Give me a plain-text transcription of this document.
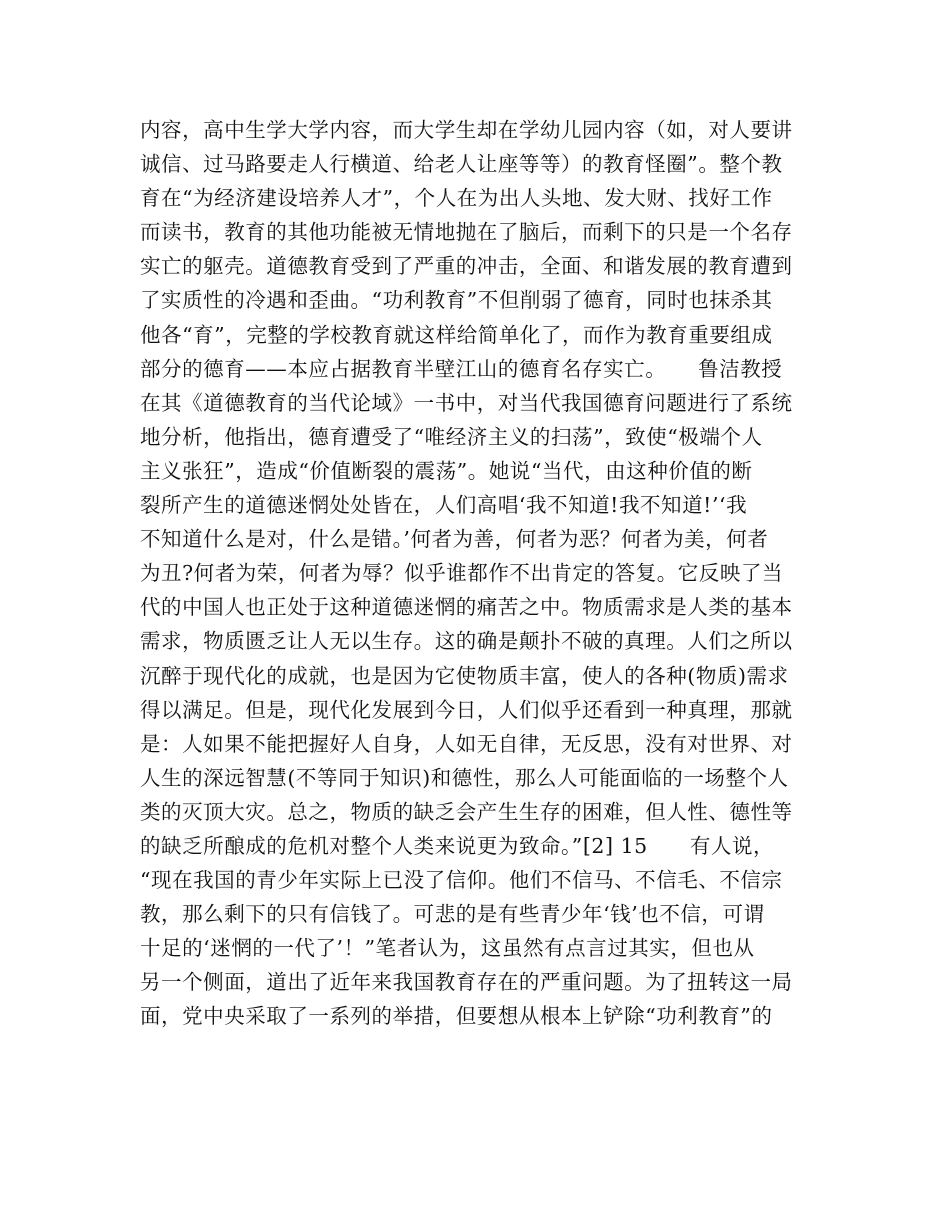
内容，高中生学大学内容，而大学生却在学幼儿园内容（如，对人要讲
诚信、过马路要走人行横道、给老人让座等等）的教育怪圈”。整个教
育在“为经济建设培养人才”，个人在为出人头地、发大财、找好工作
而读书，教育的其他功能被无情地抛在了脑后，而剩下的只是一个名存
实亡的躯壳。道德教育受到了严重的冲击，全面、和谐发展的教育遭到
了实质性的冷遇和歪曲。“功利教育”不但削弱了德育，同时也抹杀其
他各“育”，完整的学校教育就这样给简单化了，而作为教育重要组成
部分的德育——本应占据教育半壁江山的德育名存实亡。　　鲁洁教授
在其《道德教育的当代论域》一书中，对当代我国德育问题进行了系统
地分析，他指出，德育遭受了“唯经济主义的扫荡”，致使“极端个人
主义张狂”，造成“价值断裂的震荡”。她说“当代，由这种价值的断
裂所产生的道德迷惘处处皆在，人们高唱‘我不知道!我不知道!’‘我
不知道什么是对，什么是错。’何者为善，何者为恶？何者为美，何者
为丑?何者为荣，何者为辱？似乎谁都作不出肯定的答复。它反映了当
代的中国人也正处于这种道德迷惘的痛苦之中。物质需求是人类的基本
需求，物质匮乏让人无以生存。这的确是颠扑不破的真理。人们之所以
沉醉于现代化的成就，也是因为它使物质丰富，使人的各种(物质)需求
得以满足。但是，现代化发展到今日，人们似乎还看到一种真理，那就
是：人如果不能把握好人自身，人如无自律，无反思，没有对世界、对
人生的深远智慧(不等同于知识)和德性，那么人可能面临的一场整个人
类的灭顶大灾。总之，物质的缺乏会产生生存的困难，但人性、德性等
的缺乏所酿成的危机对整个人类来说更为致命。”[2] 15　　有人说，
“现在我国的青少年实际上已没了信仰。他们不信马、不信毛、不信宗
教，那么剩下的只有信钱了。可悲的是有些青少年‘钱’也不信，可谓
十足的‘迷惘的一代了’！”笔者认为，这虽然有点言过其实，但也从
另一个侧面，道出了近年来我国教育存在的严重问题。为了扭转这一局
面，党中央采取了一系列的举措，但要想从根本上铲除“功利教育”的
